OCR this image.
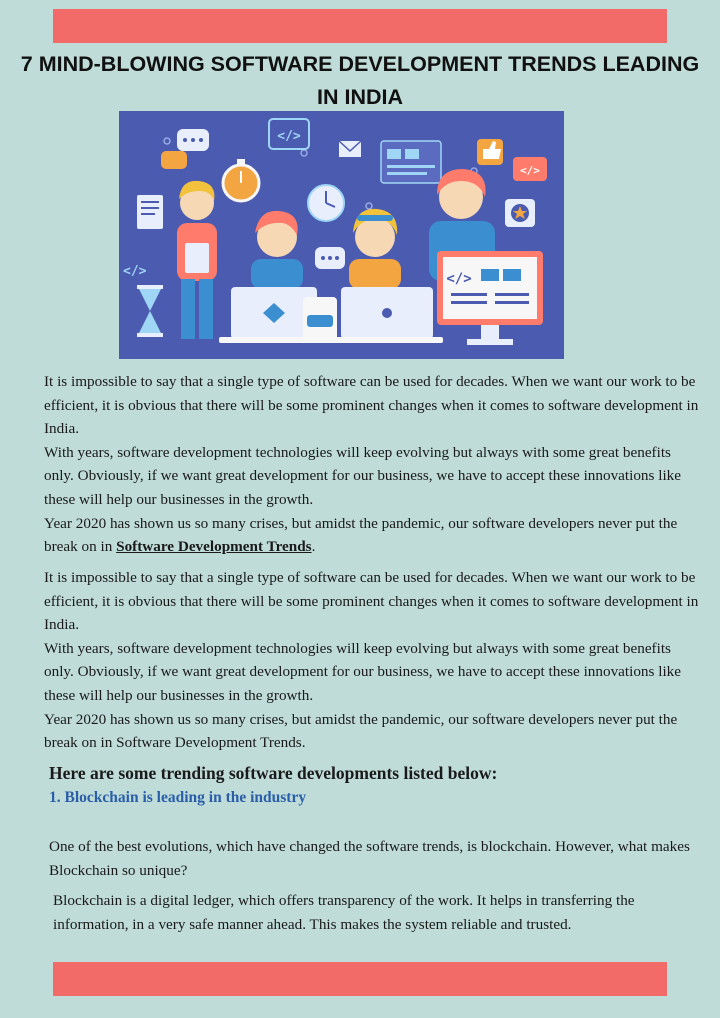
7 MIND-BLOWING SOFTWARE DEVELOPMENT TRENDS LEADING IN INDIA
</>
</>
</>	</>

It is impossible to say that a single type of software can be used for decades. When we want our work to be efficient, it is obvious that there will be some prominent changes when it comes to software development in India.

With years, software development technologies will keep evolving but always with some great benefits only. Obviously, if we want great development for our business, we have to accept these innovations like these will help our businesses in the growth.

Year 2020 has shown us so many crises, but amidst the pandemic, our software developers never put the break on in Software Development Trends.

It is impossible to say that a single type of software can be used for decades. When we want our work to be efficient, it is obvious that there will be some prominent changes when it comes to software development in India.

With years, software development technologies will keep evolving but always with some great benefits only. Obviously, if we want great development for our business, we have to accept these innovations like these will help our businesses in the growth.

Year 2020 has shown us so many crises, but amidst the pandemic, our software developers never put the break on in Software Development Trends.

Here are some trending software developments listed below:
1. Blockchain is leading in the industry

One of the best evolutions, which have changed the software trends, is blockchain. However, what makes Blockchain so unique?

Blockchain is a digital ledger, which offers transparency of the work. It helps in transferring the information, in a very safe manner ahead. This makes the system reliable and trusted.
